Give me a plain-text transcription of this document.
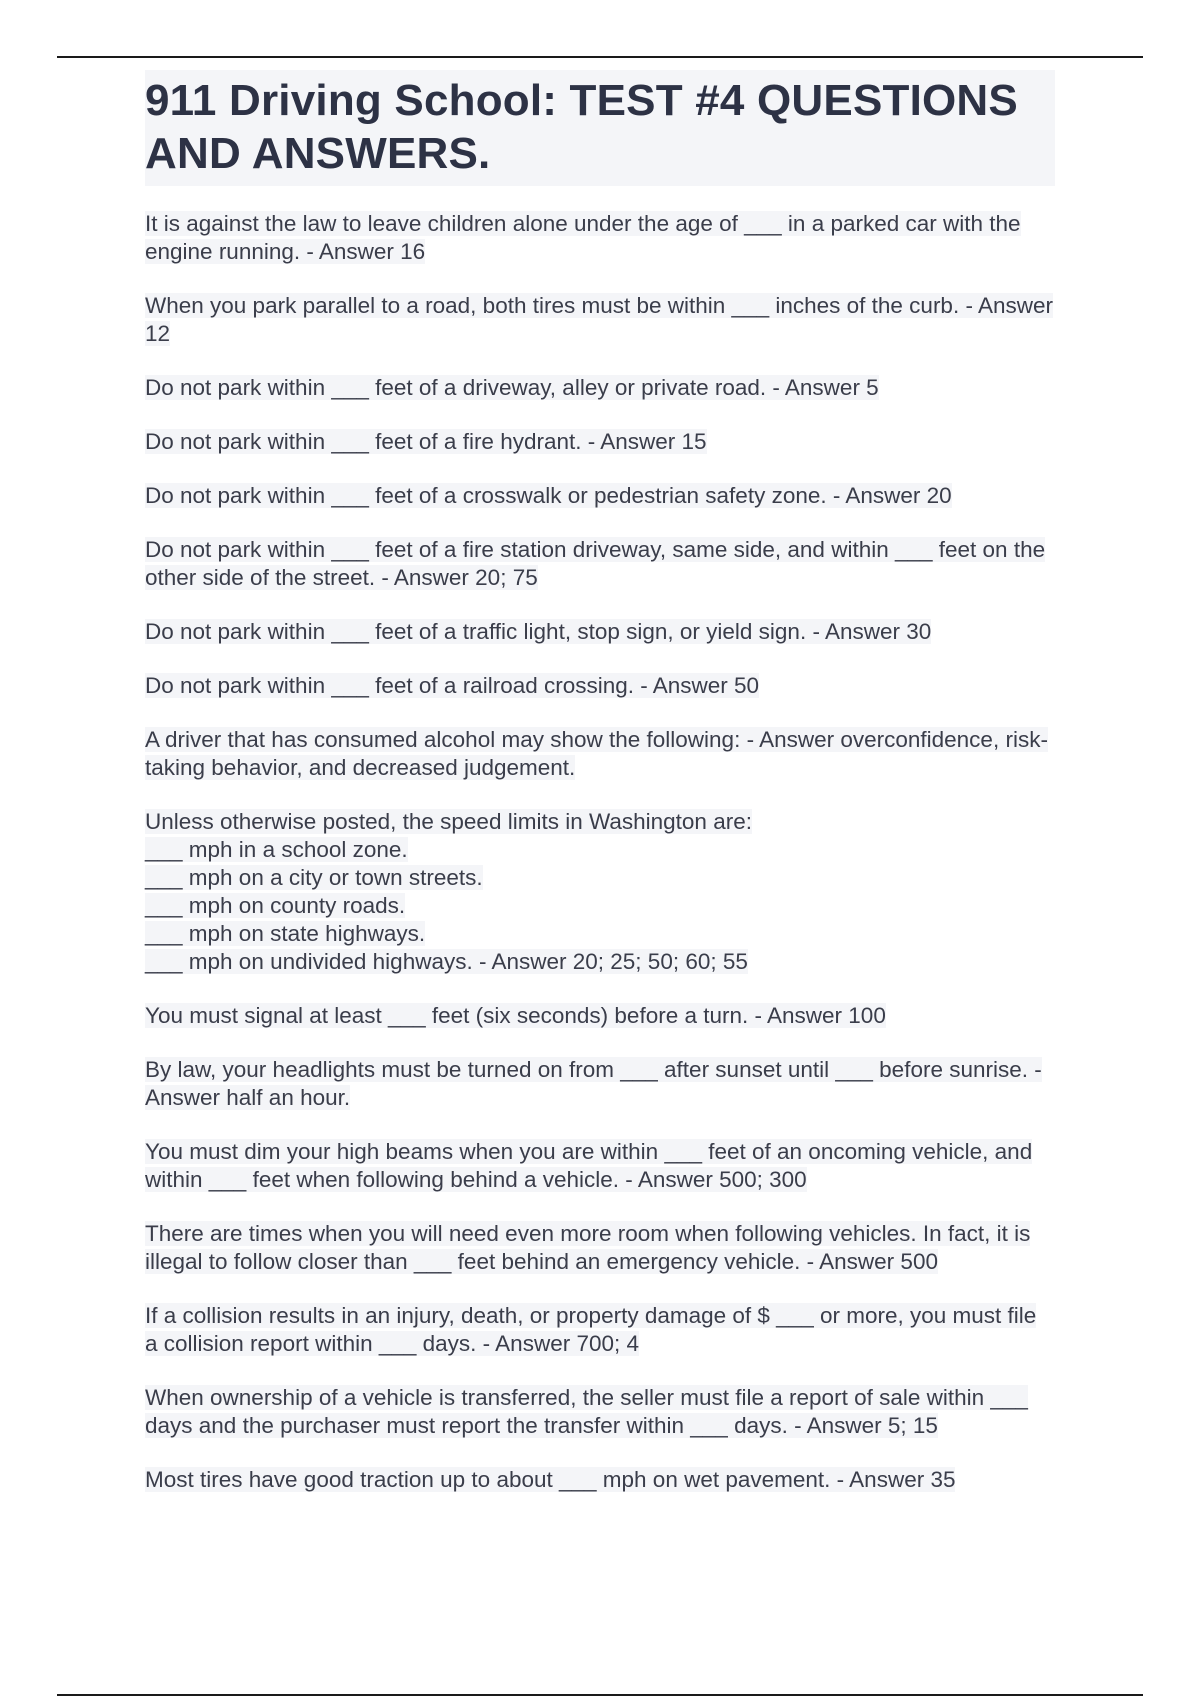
911 Driving School: TEST #4 QUESTIONS AND ANSWERS.
It is against the law to leave children alone under the age of ___ in a parked car with the engine running. - Answer 16
When you park parallel to a road, both tires must be within ___ inches of the curb. - Answer 12
Do not park within ___ feet of a driveway, alley or private road. - Answer 5
Do not park within ___ feet of a fire hydrant. - Answer 15
Do not park within ___ feet of a crosswalk or pedestrian safety zone. - Answer 20
Do not park within ___ feet of a fire station driveway, same side, and within ___ feet on the other side of the street. - Answer 20; 75
Do not park within ___ feet of a traffic light, stop sign, or yield sign. - Answer 30
Do not park within ___ feet of a railroad crossing. - Answer 50
A driver that has consumed alcohol may show the following: - Answer overconfidence, risk-taking behavior, and decreased judgement.
Unless otherwise posted, the speed limits in Washington are:
___ mph in a school zone.
___ mph on a city or town streets.
___ mph on county roads.
___ mph on state highways.
___ mph on undivided highways. - Answer 20; 25; 50; 60; 55
You must signal at least ___ feet (six seconds) before a turn. - Answer 100
By law, your headlights must be turned on from ___ after sunset until ___ before sunrise. - Answer half an hour.
You must dim your high beams when you are within ___ feet of an oncoming vehicle, and within ___ feet when following behind a vehicle. - Answer 500; 300
There are times when you will need even more room when following vehicles. In fact, it is illegal to follow closer than ___ feet behind an emergency vehicle. - Answer 500
If a collision results in an injury, death, or property damage of $ ___ or more, you must file a collision report within ___ days. - Answer 700; 4
When ownership of a vehicle is transferred, the seller must file a report of sale within ___ days and the purchaser must report the transfer within ___ days. - Answer 5; 15
Most tires have good traction up to about ___ mph on wet pavement. - Answer 35
